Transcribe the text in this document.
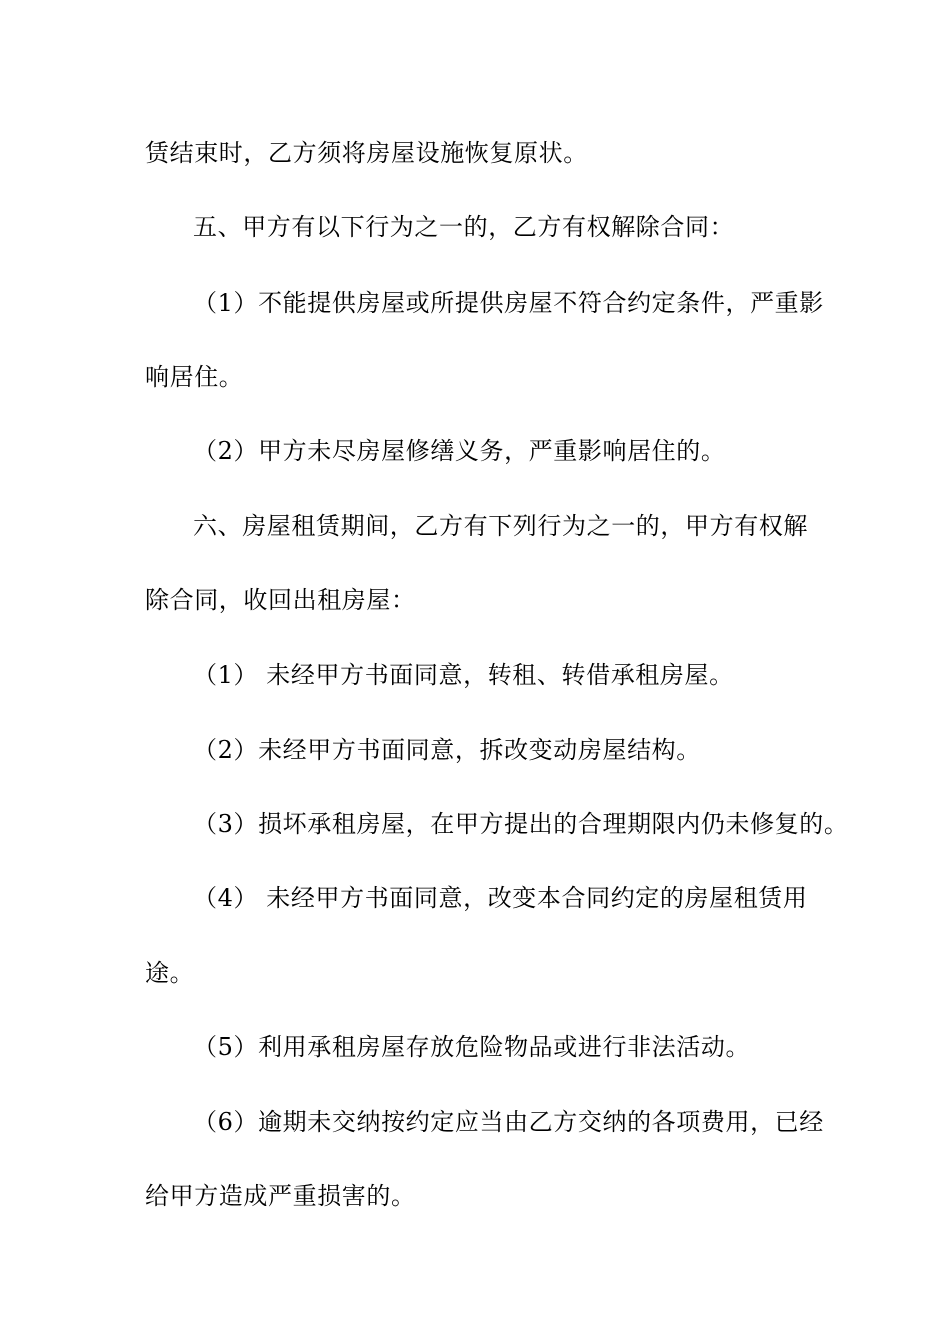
赁结束时，乙方须将房屋设施恢复原状。
五、甲方有以下行为之一的，乙方有权解除合同：
（1）不能提供房屋或所提供房屋不符合约定条件，严重影
响居住。
（2）甲方未尽房屋修缮义务，严重影响居住的。
六、房屋租赁期间，乙方有下列行为之一的，甲方有权解
除合同，收回出租房屋：
（1） 未经甲方书面同意，转租、转借承租房屋。
（2）未经甲方书面同意，拆改变动房屋结构。
（3）损坏承租房屋，在甲方提出的合理期限内仍未修复的。
（4） 未经甲方书面同意，改变本合同约定的房屋租赁用
途。
（5）利用承租房屋存放危险物品或进行非法活动。
（6）逾期未交纳按约定应当由乙方交纳的各项费用，已经
给甲方造成严重损害的。
